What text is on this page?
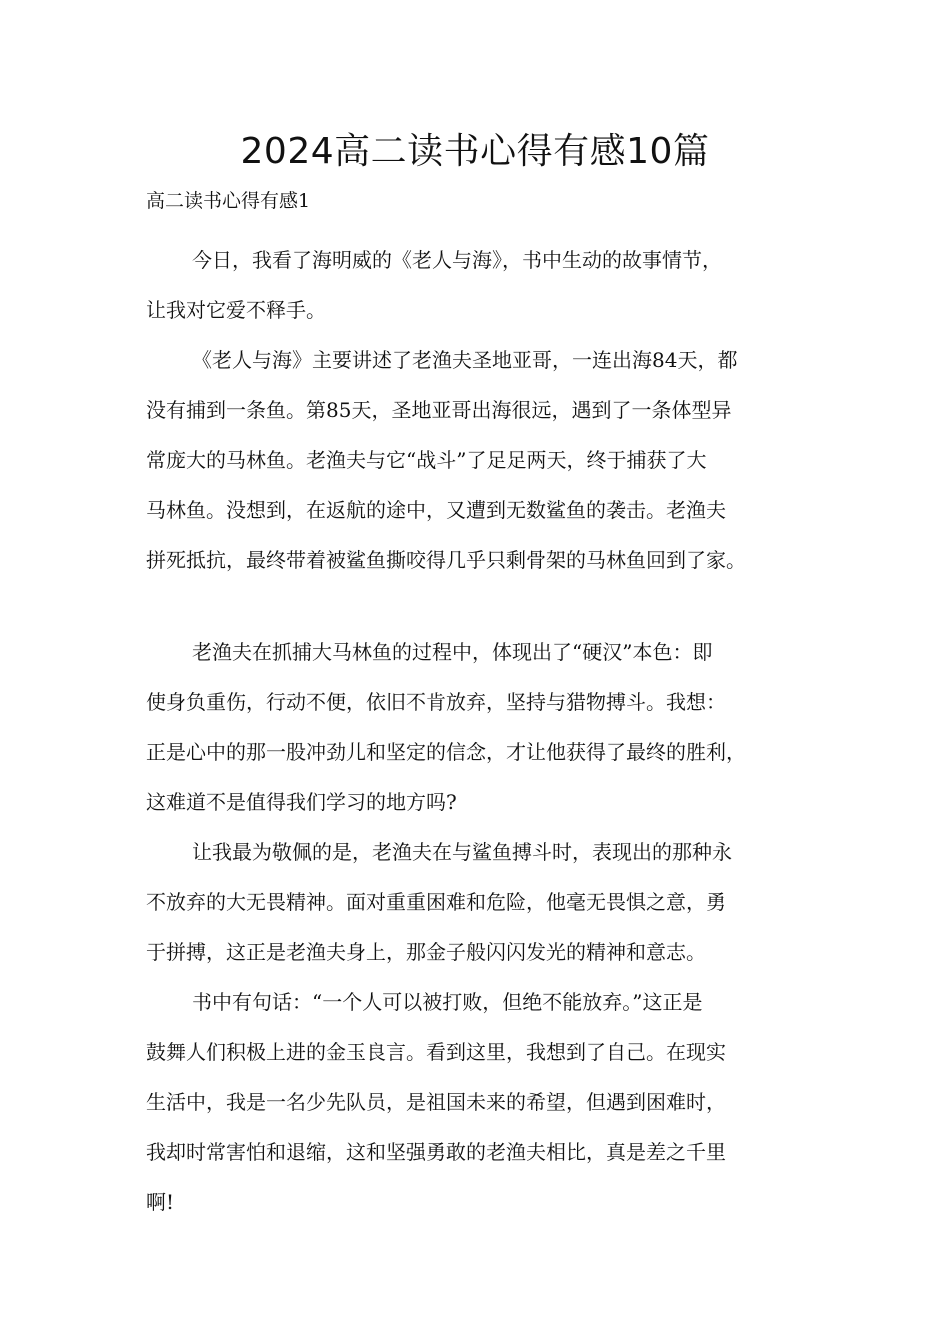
2024高二读书心得有感10篇
高二读书心得有感1
今日，我看了海明威的《老人与海》，书中生动的故事情节，
让我对它爱不释手。
《老人与海》主要讲述了老渔夫圣地亚哥，一连出海84天，都
没有捕到一条鱼。第85天，圣地亚哥出海很远，遇到了一条体型异
常庞大的马林鱼。老渔夫与它“战斗”了足足两天，终于捕获了大
马林鱼。没想到，在返航的途中，又遭到无数鲨鱼的袭击。老渔夫
拼死抵抗，最终带着被鲨鱼撕咬得几乎只剩骨架的马林鱼回到了家。
老渔夫在抓捕大马林鱼的过程中，体现出了“硬汉”本色：即
使身负重伤，行动不便，依旧不肯放弃，坚持与猎物搏斗。我想：
正是心中的那一股冲劲儿和坚定的信念，才让他获得了最终的胜利，
这难道不是值得我们学习的地方吗?
让我最为敬佩的是，老渔夫在与鲨鱼搏斗时，表现出的那种永
不放弃的大无畏精神。面对重重困难和危险，他毫无畏惧之意，勇
于拼搏，这正是老渔夫身上，那金子般闪闪发光的精神和意志。
书中有句话：“一个人可以被打败，但绝不能放弃。”这正是
鼓舞人们积极上进的金玉良言。看到这里，我想到了自己。在现实
生活中，我是一名少先队员，是祖国未来的希望，但遇到困难时，
我却时常害怕和退缩，这和坚强勇敢的老渔夫相比，真是差之千里
啊!
